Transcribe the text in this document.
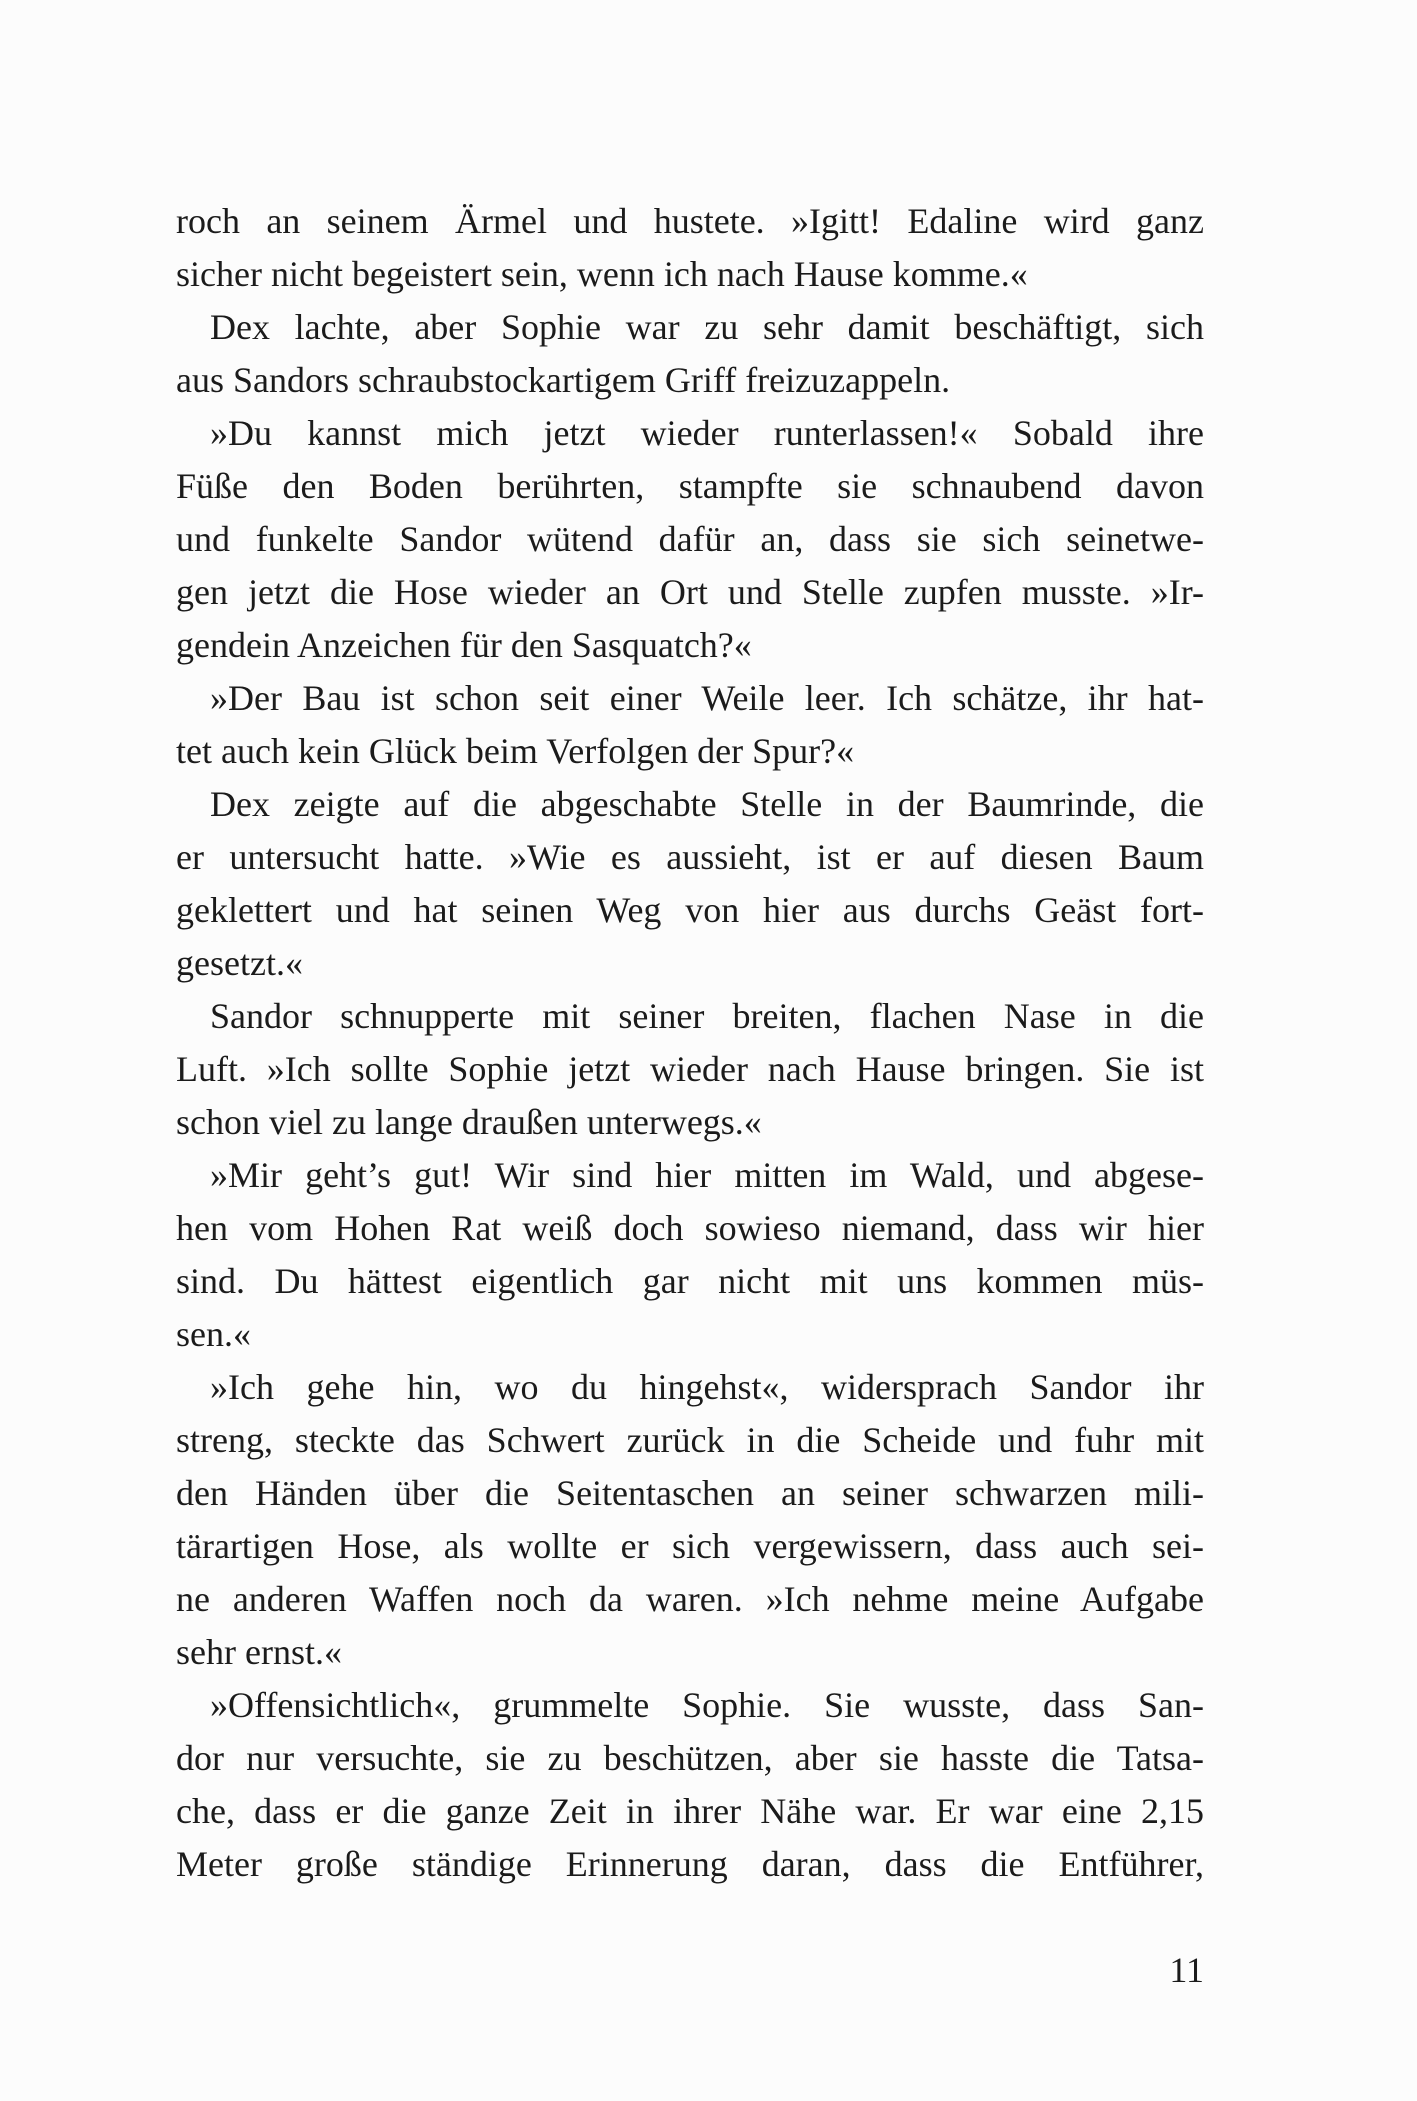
roch an seinem Ärmel und hustete. »Igitt! Edaline wird ganz
sicher nicht begeistert sein, wenn ich nach Hause komme.«
Dex lachte, aber Sophie war zu sehr damit beschäftigt, sich
aus Sandors schraubstockartigem Griff freizuzappeln.
»Du kannst mich jetzt wieder runterlassen!« Sobald ihre
Füße den Boden berührten, stampfte sie schnaubend davon
und funkelte Sandor wütend dafür an, dass sie sich seinetwe-
gen jetzt die Hose wieder an Ort und Stelle zupfen musste. »Ir-
gendein Anzeichen für den Sasquatch?«
»Der Bau ist schon seit einer Weile leer. Ich schätze, ihr hat-
tet auch kein Glück beim Verfolgen der Spur?«
Dex zeigte auf die abgeschabte Stelle in der Baumrinde, die
er untersucht hatte. »Wie es aussieht, ist er auf diesen Baum
geklettert und hat seinen Weg von hier aus durchs Geäst fort-
gesetzt.«
Sandor schnupperte mit seiner breiten, flachen Nase in die
Luft. »Ich sollte Sophie jetzt wieder nach Hause bringen. Sie ist
schon viel zu lange draußen unterwegs.«
»Mir geht’s gut! Wir sind hier mitten im Wald, und abgese-
hen vom Hohen Rat weiß doch sowieso niemand, dass wir hier
sind. Du hättest eigentlich gar nicht mit uns kommen müs-
sen.«
»Ich gehe hin, wo du hingehst«, widersprach Sandor ihr
streng, steckte das Schwert zurück in die Scheide und fuhr mit
den Händen über die Seitentaschen an seiner schwarzen mili-
tärartigen Hose, als wollte er sich vergewissern, dass auch sei-
ne anderen Waffen noch da waren. »Ich nehme meine Aufgabe
sehr ernst.«
»Offensichtlich«, grummelte Sophie. Sie wusste, dass San-
dor nur versuchte, sie zu beschützen, aber sie hasste die Tatsa-
che, dass er die ganze Zeit in ihrer Nähe war. Er war eine 2,15
Meter große ständige Erinnerung daran, dass die Entführer,
11
